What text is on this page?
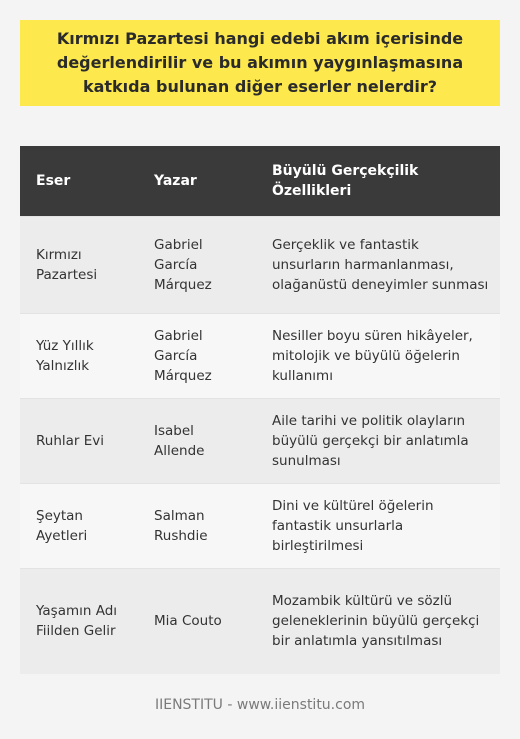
Kırmızı Pazartesi hangi edebi akım içerisinde değerlendirilir ve bu akımın yaygınlaşmasına katkıda bulunan diğer eserler nelerdir?
Eser	Yazar	Büyülü Gerçekçilik Özellikleri
Kırmızı Pazartesi	Gabriel García Márquez	Gerçeklik ve fantastik unsurların harmanlanması, olağanüstü deneyimler sunması
Yüz Yıllık Yalnızlık	Gabriel García Márquez	Nesiller boyu süren hikâyeler, mitolojik ve büyülü öğelerin kullanımı
Ruhlar Evi	Isabel Allende	Aile tarihi ve politik olayların büyülü gerçekçi bir anlatımla sunulması
Şeytan Ayetleri	Salman Rushdie	Dini ve kültürel öğelerin fantastik unsurlarla birleştirilmesi
Yaşamın Adı Fiilden Gelir	Mia Couto	Mozambik kültürü ve sözlü geleneklerinin büyülü gerçekçi bir anlatımla yansıtılması
IIENSTITU - www.iienstitu.com
